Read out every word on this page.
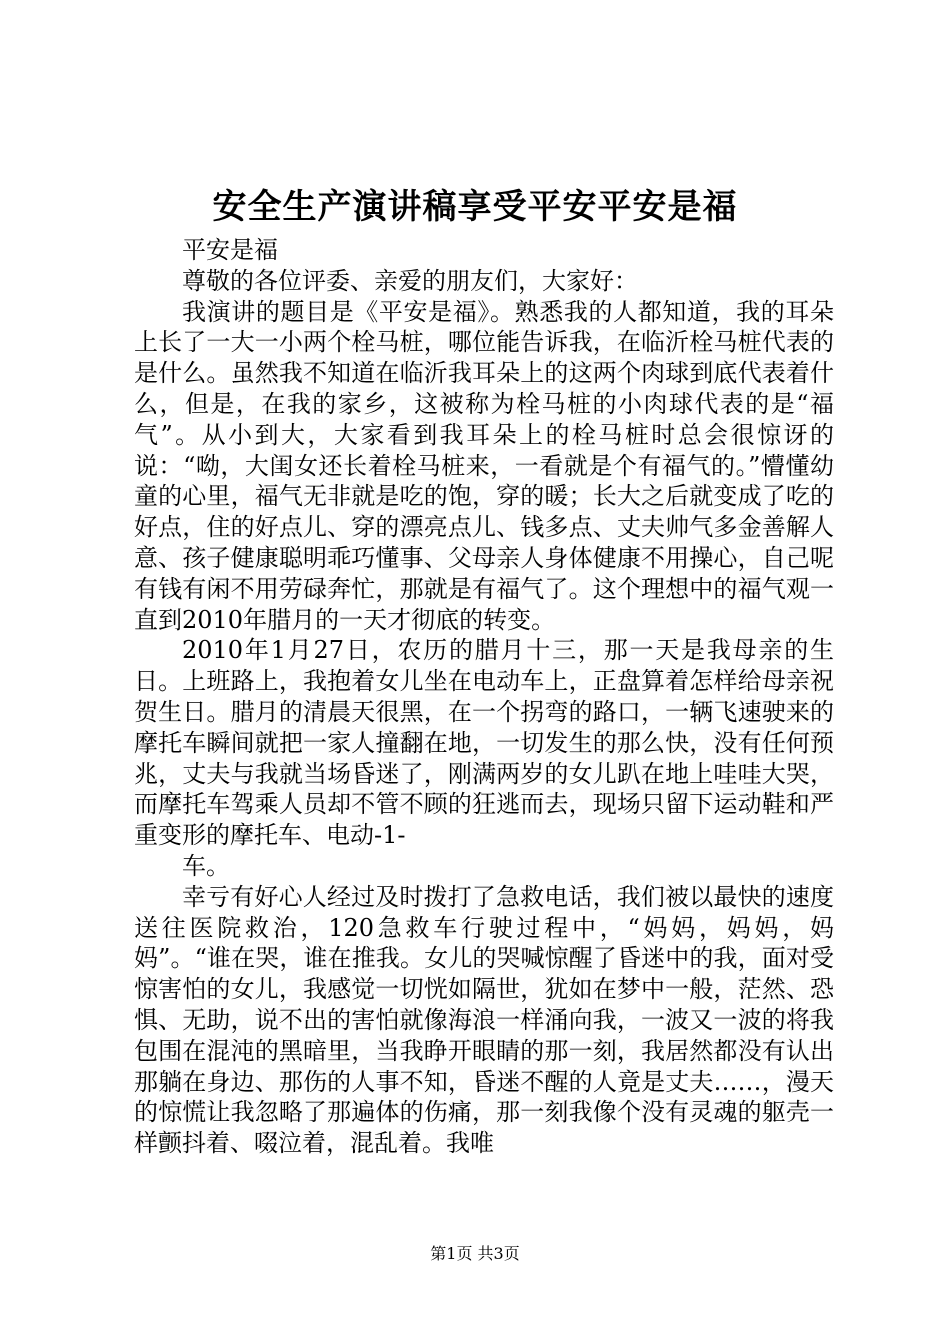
安全生产演讲稿享受平安平安是福

平安是福

尊敬的各位评委、亲爱的朋友们，大家好：

我演讲的题目是《平安是福》。熟悉我的人都知道，我的耳朵上长了一大一小两个栓马桩，哪位能告诉我，在临沂栓马桩代表的是什么。虽然我不知道在临沂我耳朵上的这两个肉球到底代表着什么，但是，在我的家乡，这被称为栓马桩的小肉球代表的是“福气”。从小到大，大家看到我耳朵上的栓马桩时总会很惊讶的说：“呦，大闺女还长着栓马桩来，一看就是个有福气的。”懵懂幼童的心里，福气无非就是吃的饱，穿的暖；长大之后就变成了吃的好点，住的好点儿、穿的漂亮点儿、钱多点、丈夫帅气多金善解人意、孩子健康聪明乖巧懂事、父母亲人身体健康不用操心，自己呢有钱有闲不用劳碌奔忙，那就是有福气了。这个理想中的福气观一直到2010年腊月的一天才彻底的转变。

2010年1月27日，农历的腊月十三，那一天是我母亲的生日。上班路上，我抱着女儿坐在电动车上，正盘算着怎样给母亲祝贺生日。腊月的清晨天很黑，在一个拐弯的路口，一辆飞速驶来的摩托车瞬间就把一家人撞翻在地，一切发生的那么快，没有任何预兆，丈夫与我就当场昏迷了，刚满两岁的女儿趴在地上哇哇大哭，而摩托车驾乘人员却不管不顾的狂逃而去，现场只留下运动鞋和严重变形的摩托车、电动-1-

车。

幸亏有好心人经过及时拨打了急救电话，我们被以最快的速度送往医院救治，120急救车行驶过程中，“妈妈，妈妈，妈妈”。“谁在哭，谁在推我。女儿的哭喊惊醒了昏迷中的我，面对受惊害怕的女儿，我感觉一切恍如隔世，犹如在梦中一般，茫然、恐惧、无助，说不出的害怕就像海浪一样涌向我，一波又一波的将我包围在混沌的黑暗里，当我睁开眼睛的那一刻，我居然都没有认出那躺在身边、那伤的人事不知，昏迷不醒的人竟是丈夫……，漫天的惊慌让我忽略了那遍体的伤痛，那一刻我像个没有灵魂的躯壳一样颤抖着、啜泣着，混乱着。我唯

第1页 共3页
